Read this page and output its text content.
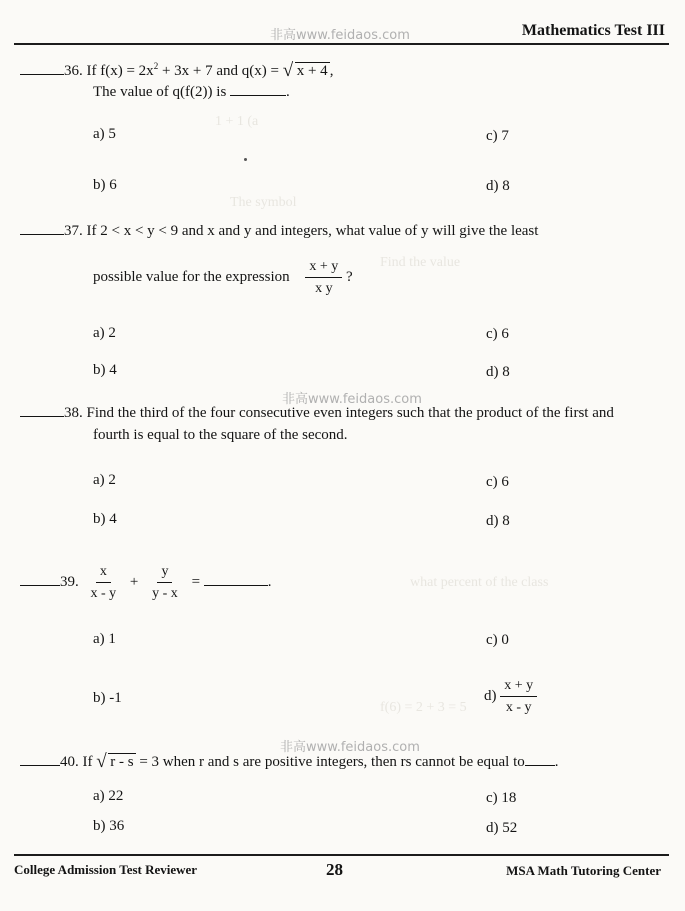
Mathematics Test III
非高www.feidaos.com
1 + 1 (a
The symbol
Find the value
what percent of the class
f(6) = 2 + 3 = 5
36. If $f(x) = 2x^2 + 3x + 7$ and q(x) = √ x + 4 ,
The value of q(f(2)) is	.
a) 5	c) 7
b) 6	d) 8
37. If 2 < x < y < 9 and x and y and integers, what value of y will give the least
possible value for the expression $\frac{x + y}{\text{x y}}$ ?
a) 2	c) 6
b) 4	d) 8
非高www.feidaos.com
38. Find the third of the four consecutive even integers such that the product of the first and
fourth is equal to the square of the second.
a) 2	c) 6
b) 4	d) 8
39. $\frac{x}{x - y} + \frac{y}{y - x}$ =	.
a) 1	c) 0
b) -1	$d) \frac{x + y}{x - y}$
非高www.feidaos.com
40. If √ r - s = 3 when r and s are positive integers, then rs cannot be equal to .
a) 22	c) 18
b) 36	d) 52
College Admission Test Reviewer	28	MSA Math Tutoring Center
